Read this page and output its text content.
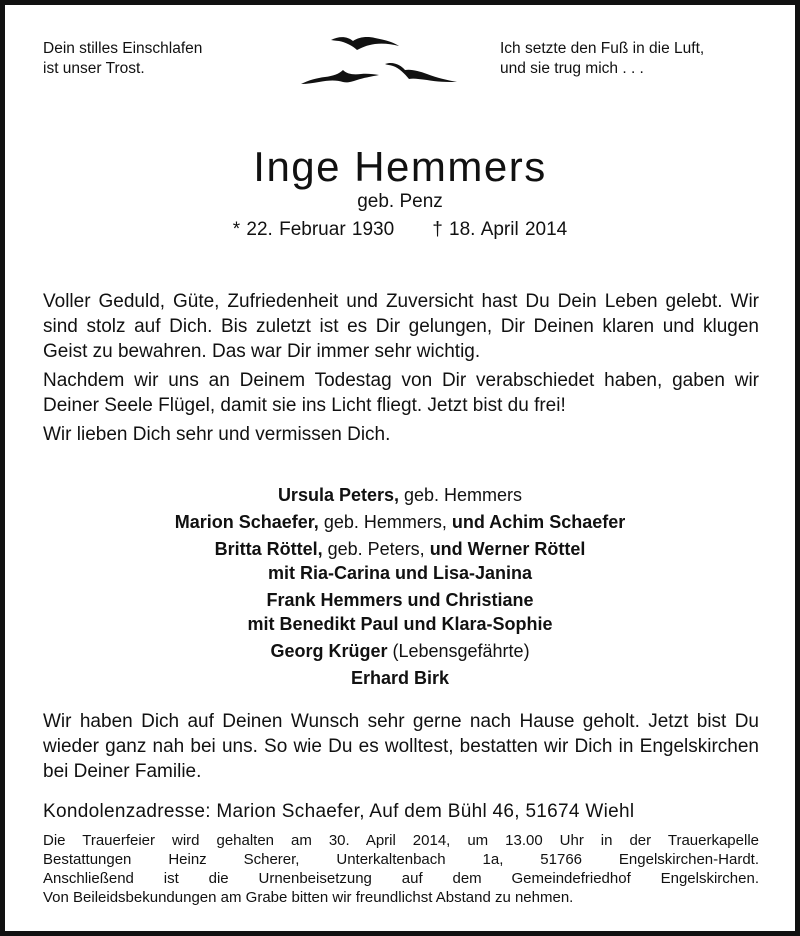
Dein stilles Einschlafen
ist unser Trost.
Ich setzte den Fuß in die Luft,
und sie trug mich . . .
Inge Hemmers
geb. Penz
* 22. Februar 1930 † 18. April 2014
Voller Geduld, Güte, Zufriedenheit und Zuversicht hast Du Dein Leben gelebt. Wir sind stolz auf Dich. Bis zuletzt ist es Dir gelungen, Dir Deinen klaren und klugen Geist zu bewahren. Das war Dir immer sehr wichtig.
Nachdem wir uns an Deinem Todestag von Dir verabschiedet haben, gaben wir Deiner Seele Flügel, damit sie ins Licht fliegt. Jetzt bist du frei!
Wir lieben Dich sehr und vermissen Dich.
Ursula Peters, geb. Hemmers
Marion Schaefer, geb. Hemmers, und Achim Schaefer
Britta Röttel, geb. Peters, und Werner Röttel
mit Ria-Carina und Lisa-Janina
Frank Hemmers und Christiane
mit Benedikt Paul und Klara-Sophie
Georg Krüger (Lebensgefährte)
Erhard Birk
Wir haben Dich auf Deinen Wunsch sehr gerne nach Hause geholt. Jetzt bist Du wieder ganz nah bei uns. So wie Du es wolltest, bestatten wir Dich in Engelskirchen bei Deiner Familie.
Kondolenzadresse: Marion Schaefer, Auf dem Bühl 46, 51674 Wiehl
Die Trauerfeier wird gehalten am 30. April 2014, um 13.00 Uhr in der Trauerkapelle
Bestattungen Heinz Scherer, Unterkaltenbach 1a, 51766 Engelskirchen-Hardt.
Anschließend ist die Urnenbeisetzung auf dem Gemeindefriedhof Engelskirchen.
Von Beileidsbekundungen am Grabe bitten wir freundlichst Abstand zu nehmen.
